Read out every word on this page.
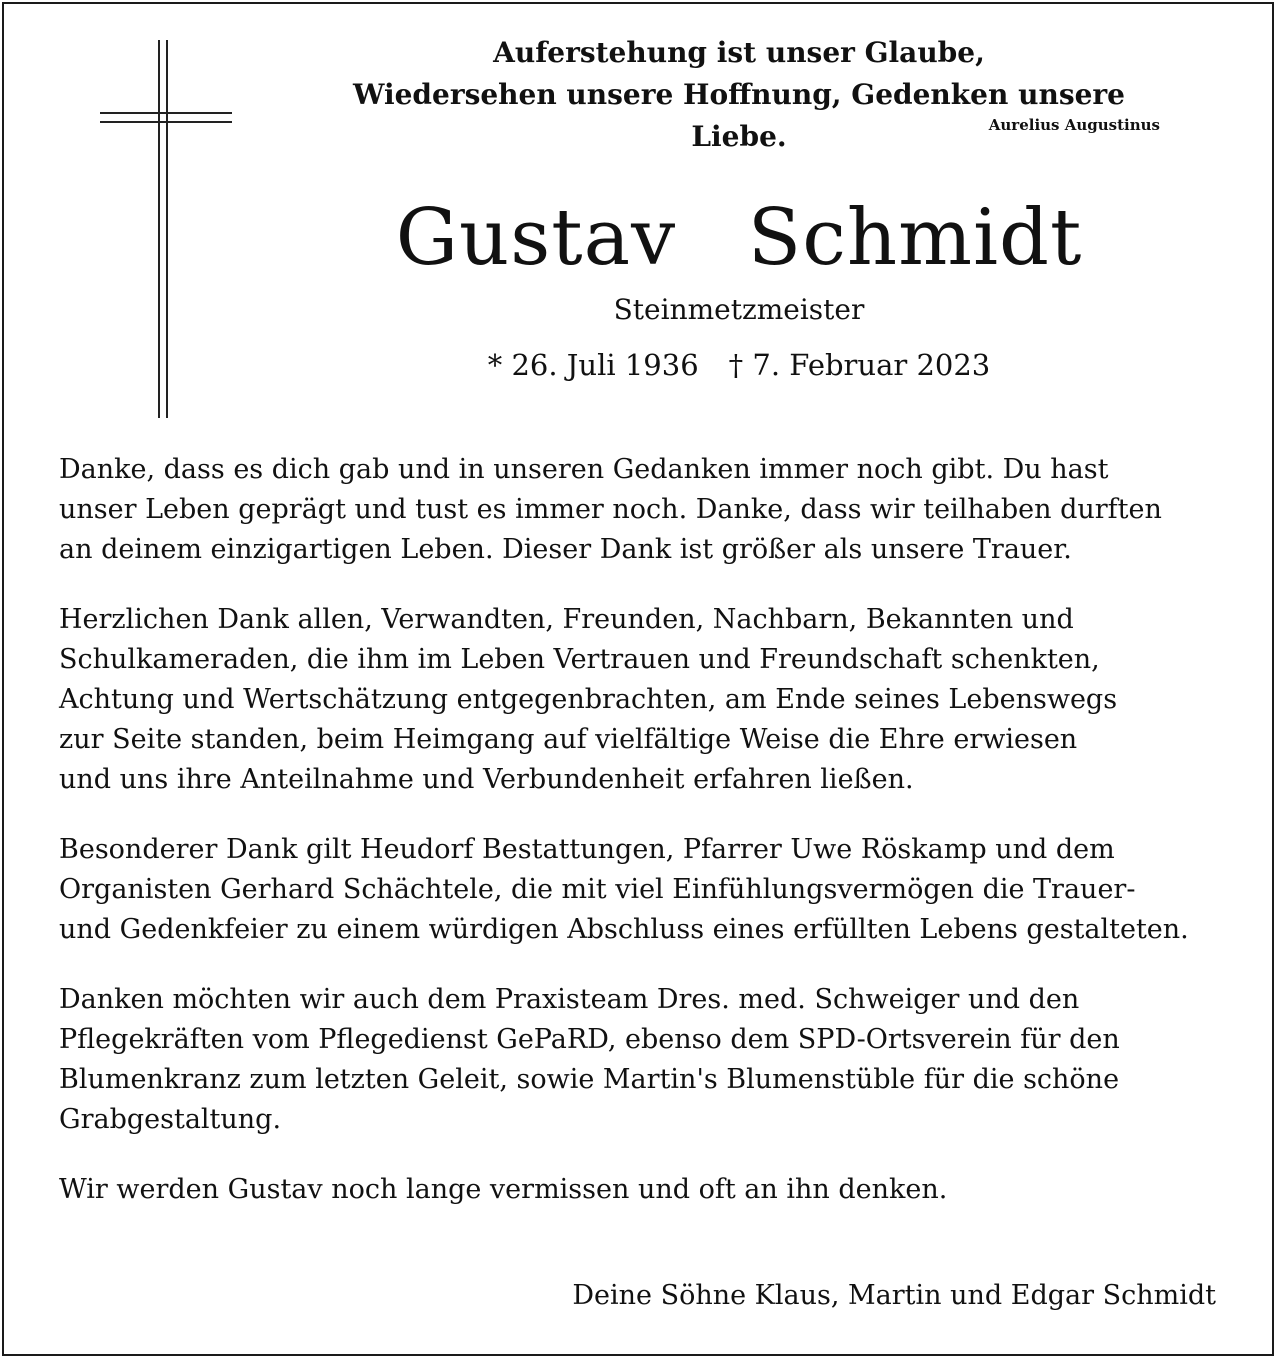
Auferstehung ist unser Glaube,
Wiedersehen unsere Hoffnung, Gedenken unsere Liebe.	Aurelius Augustinus
Gustav  Schmidt
Steinmetzmeister
* 26. Juli 1936 † 7. Februar 2023

Danke, dass es dich gab und in unseren Gedanken immer noch gibt. Du hast
unser Leben geprägt und tust es immer noch. Danke, dass wir teilhaben durften
an deinem einzigartigen Leben. Dieser Dank ist größer als unsere Trauer.

Herzlichen Dank allen, Verwandten, Freunden, Nachbarn, Bekannten und
Schulkameraden, die ihm im Leben Vertrauen und Freundschaft schenkten,
Achtung und Wertschätzung entgegenbrachten, am Ende seines Lebenswegs
zur Seite standen, beim Heimgang auf vielfältige Weise die Ehre erwiesen
und uns ihre Anteilnahme und Verbundenheit erfahren ließen.

Besonderer Dank gilt Heudorf Bestattungen, Pfarrer Uwe Röskamp und dem
Organisten Gerhard Schächtele, die mit viel Einfühlungsvermögen die Trauer-
und Gedenkfeier zu einem würdigen Abschluss eines erfüllten Lebens gestalteten.

Danken möchten wir auch dem Praxisteam Dres. med. Schweiger und den
Pflegekräften vom Pflegedienst GePaRD, ebenso dem SPD-Ortsverein für den
Blumenkranz zum letzten Geleit, sowie Martin's Blumenstüble für die schöne
Grabgestaltung.

Wir werden Gustav noch lange vermissen und oft an ihn denken.

Deine Söhne Klaus, Martin und Edgar Schmidt
